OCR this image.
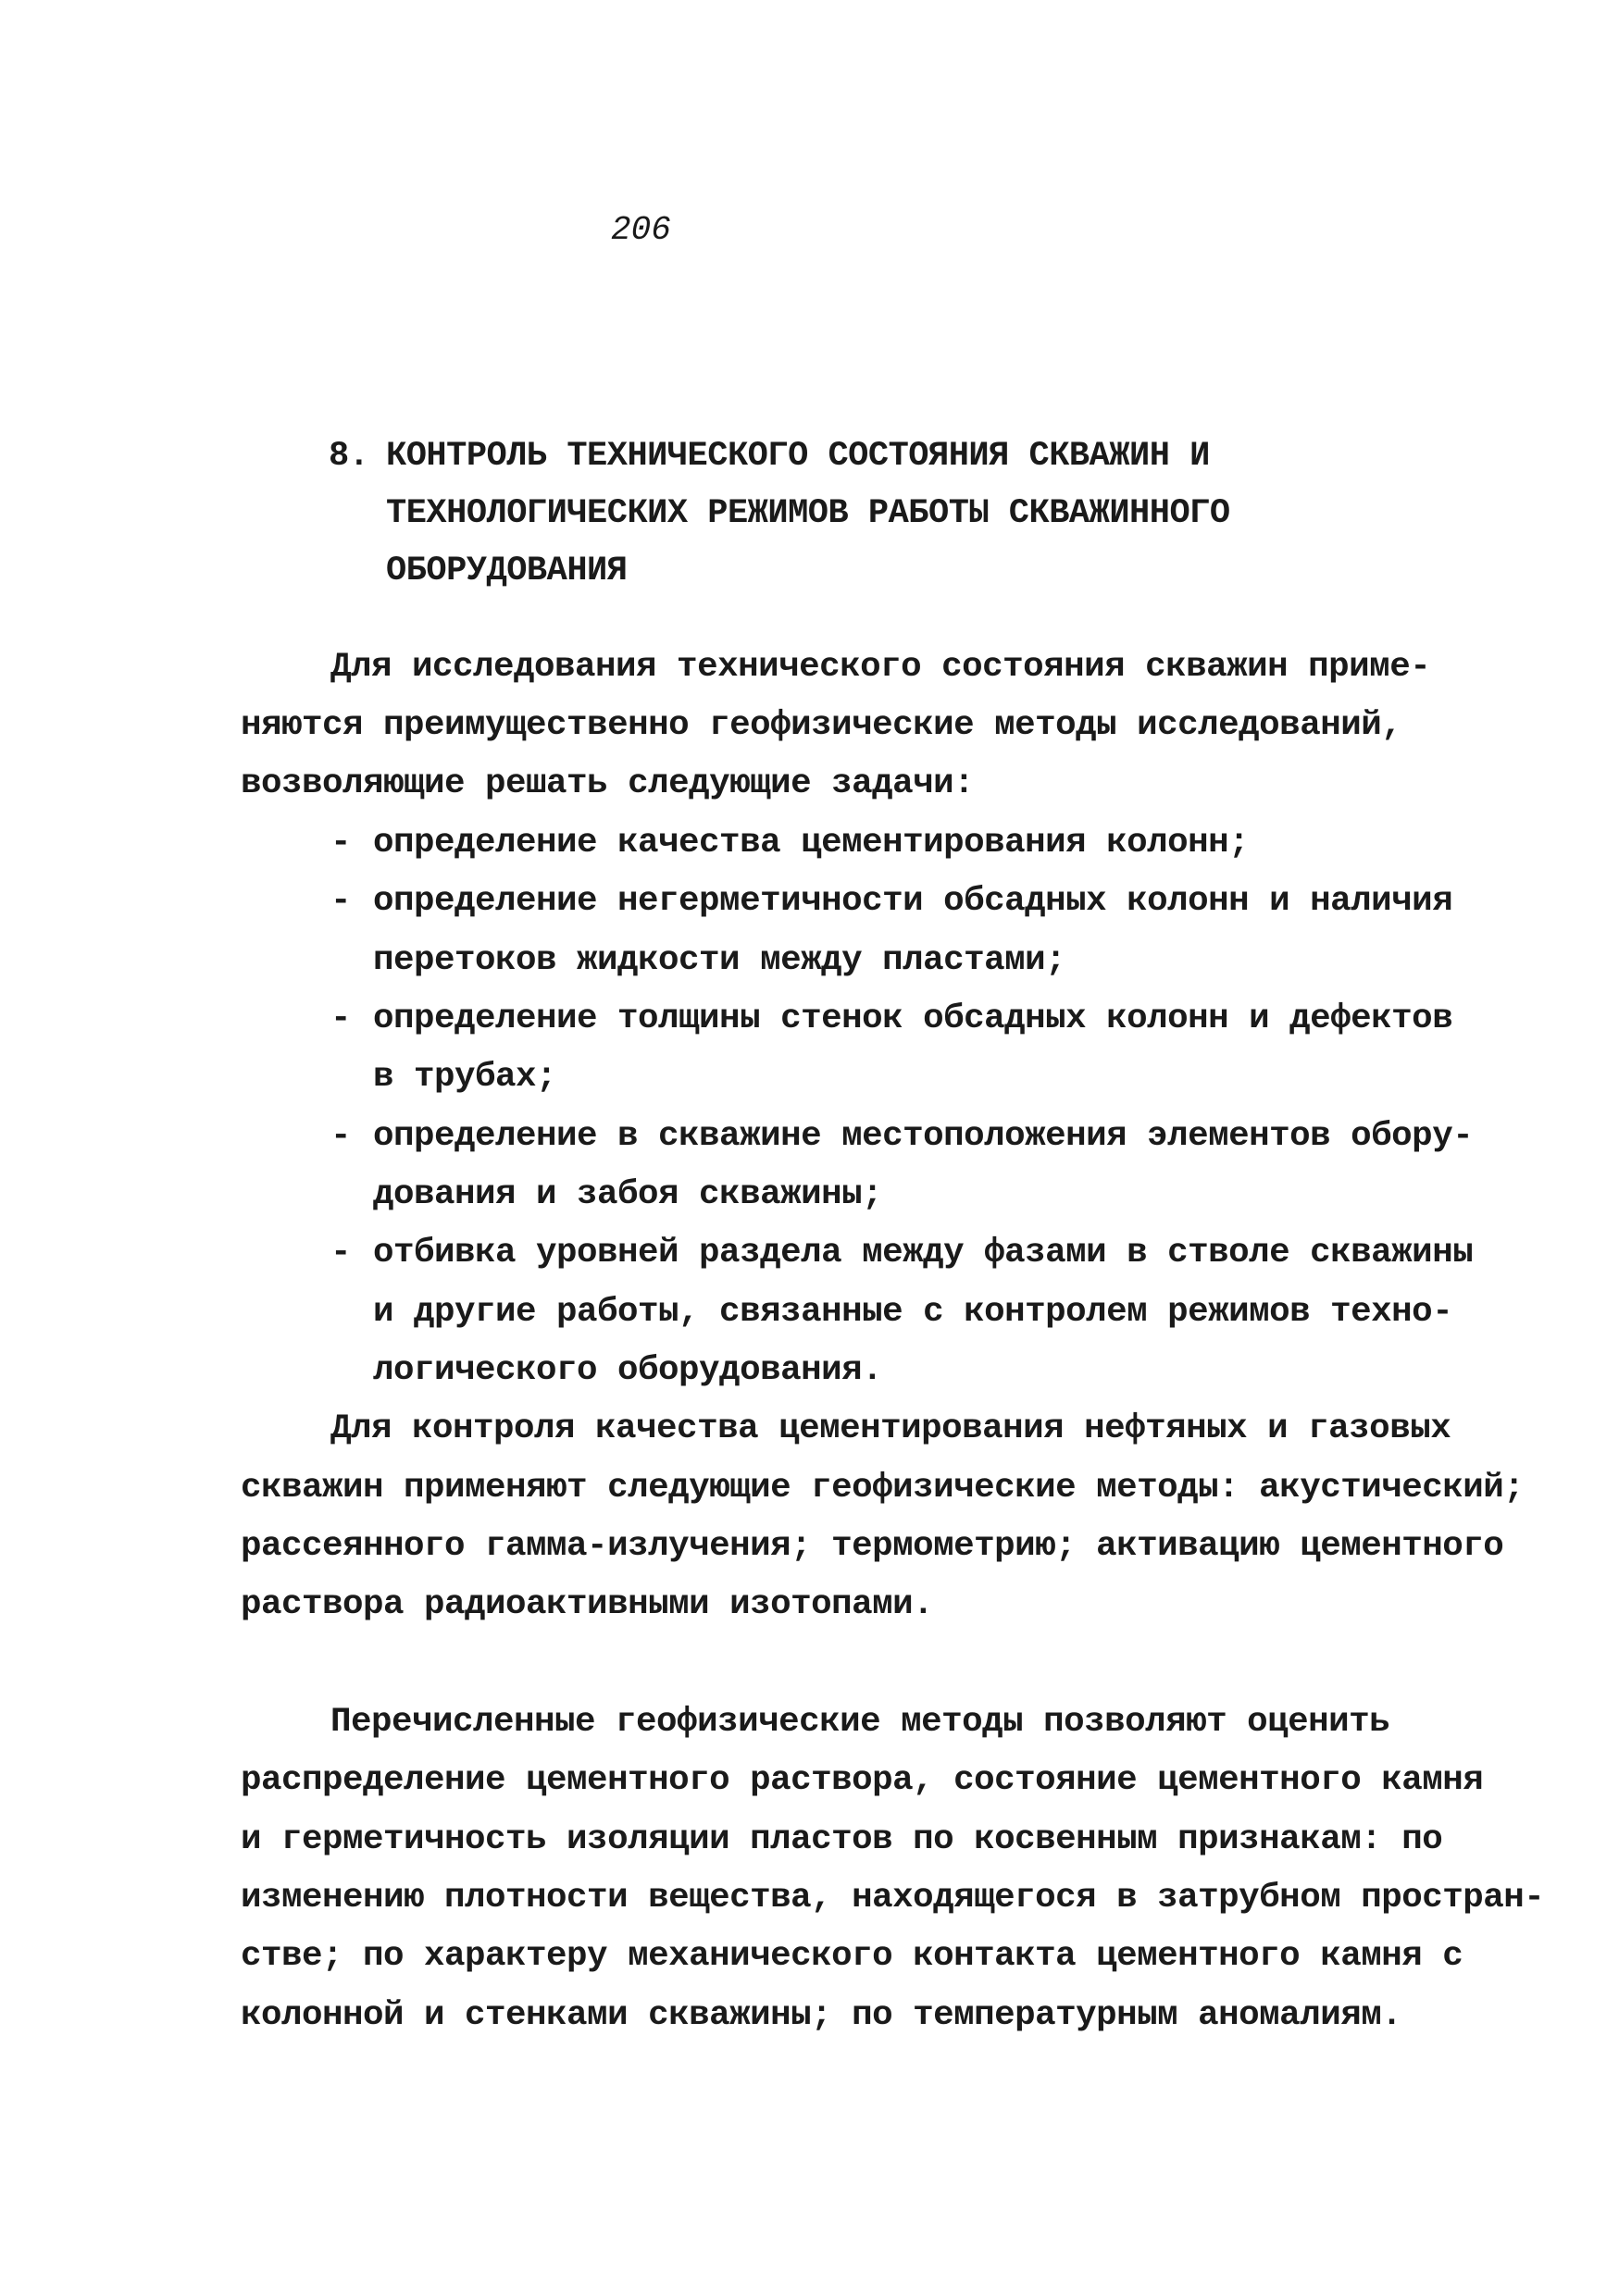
206
8. КОНТРОЛЬ ТЕХНИЧЕСКОГО СОСТОЯНИЯ СКВАЖИН И
ТЕХНОЛОГИЧЕСКИХ РЕЖИМОВ РАБОТЫ СКВАЖИННОГО
ОБОРУДОВАНИЯ
Для исследования технического состояния скважин приме-
няются преимущественно геофизические методы исследований,
возволяющие решать следующие задачи:
- определение качества цементирования колонн;
- определение негерметичности обсадных колонн и наличия
перетоков жидкости между пластами;
- определение толщины стенок обсадных колонн и дефектов
в трубах;
- определение в скважине местоположения элементов обору-
дования и забоя скважины;
- отбивка уровней раздела между фазами в стволе скважины
и другие работы, связанные с контролем режимов техно-
логического оборудования.
Для контроля качества цементирования нефтяных и газовых
скважин применяют следующие геофизические методы: акустический;
рассеянного гамма-излучения; термометрию; активацию цементного
раствора радиоактивными изотопами.
Перечисленные геофизические методы позволяют оценить
распределение цементного раствора, состояние цементного камня
и герметичность изоляции пластов по косвенным признакам: по
изменению плотности вещества, находящегося в затрубном простран-
стве; по характеру механического контакта цементного камня с
колонной и стенками скважины; по температурным аномалиям.
